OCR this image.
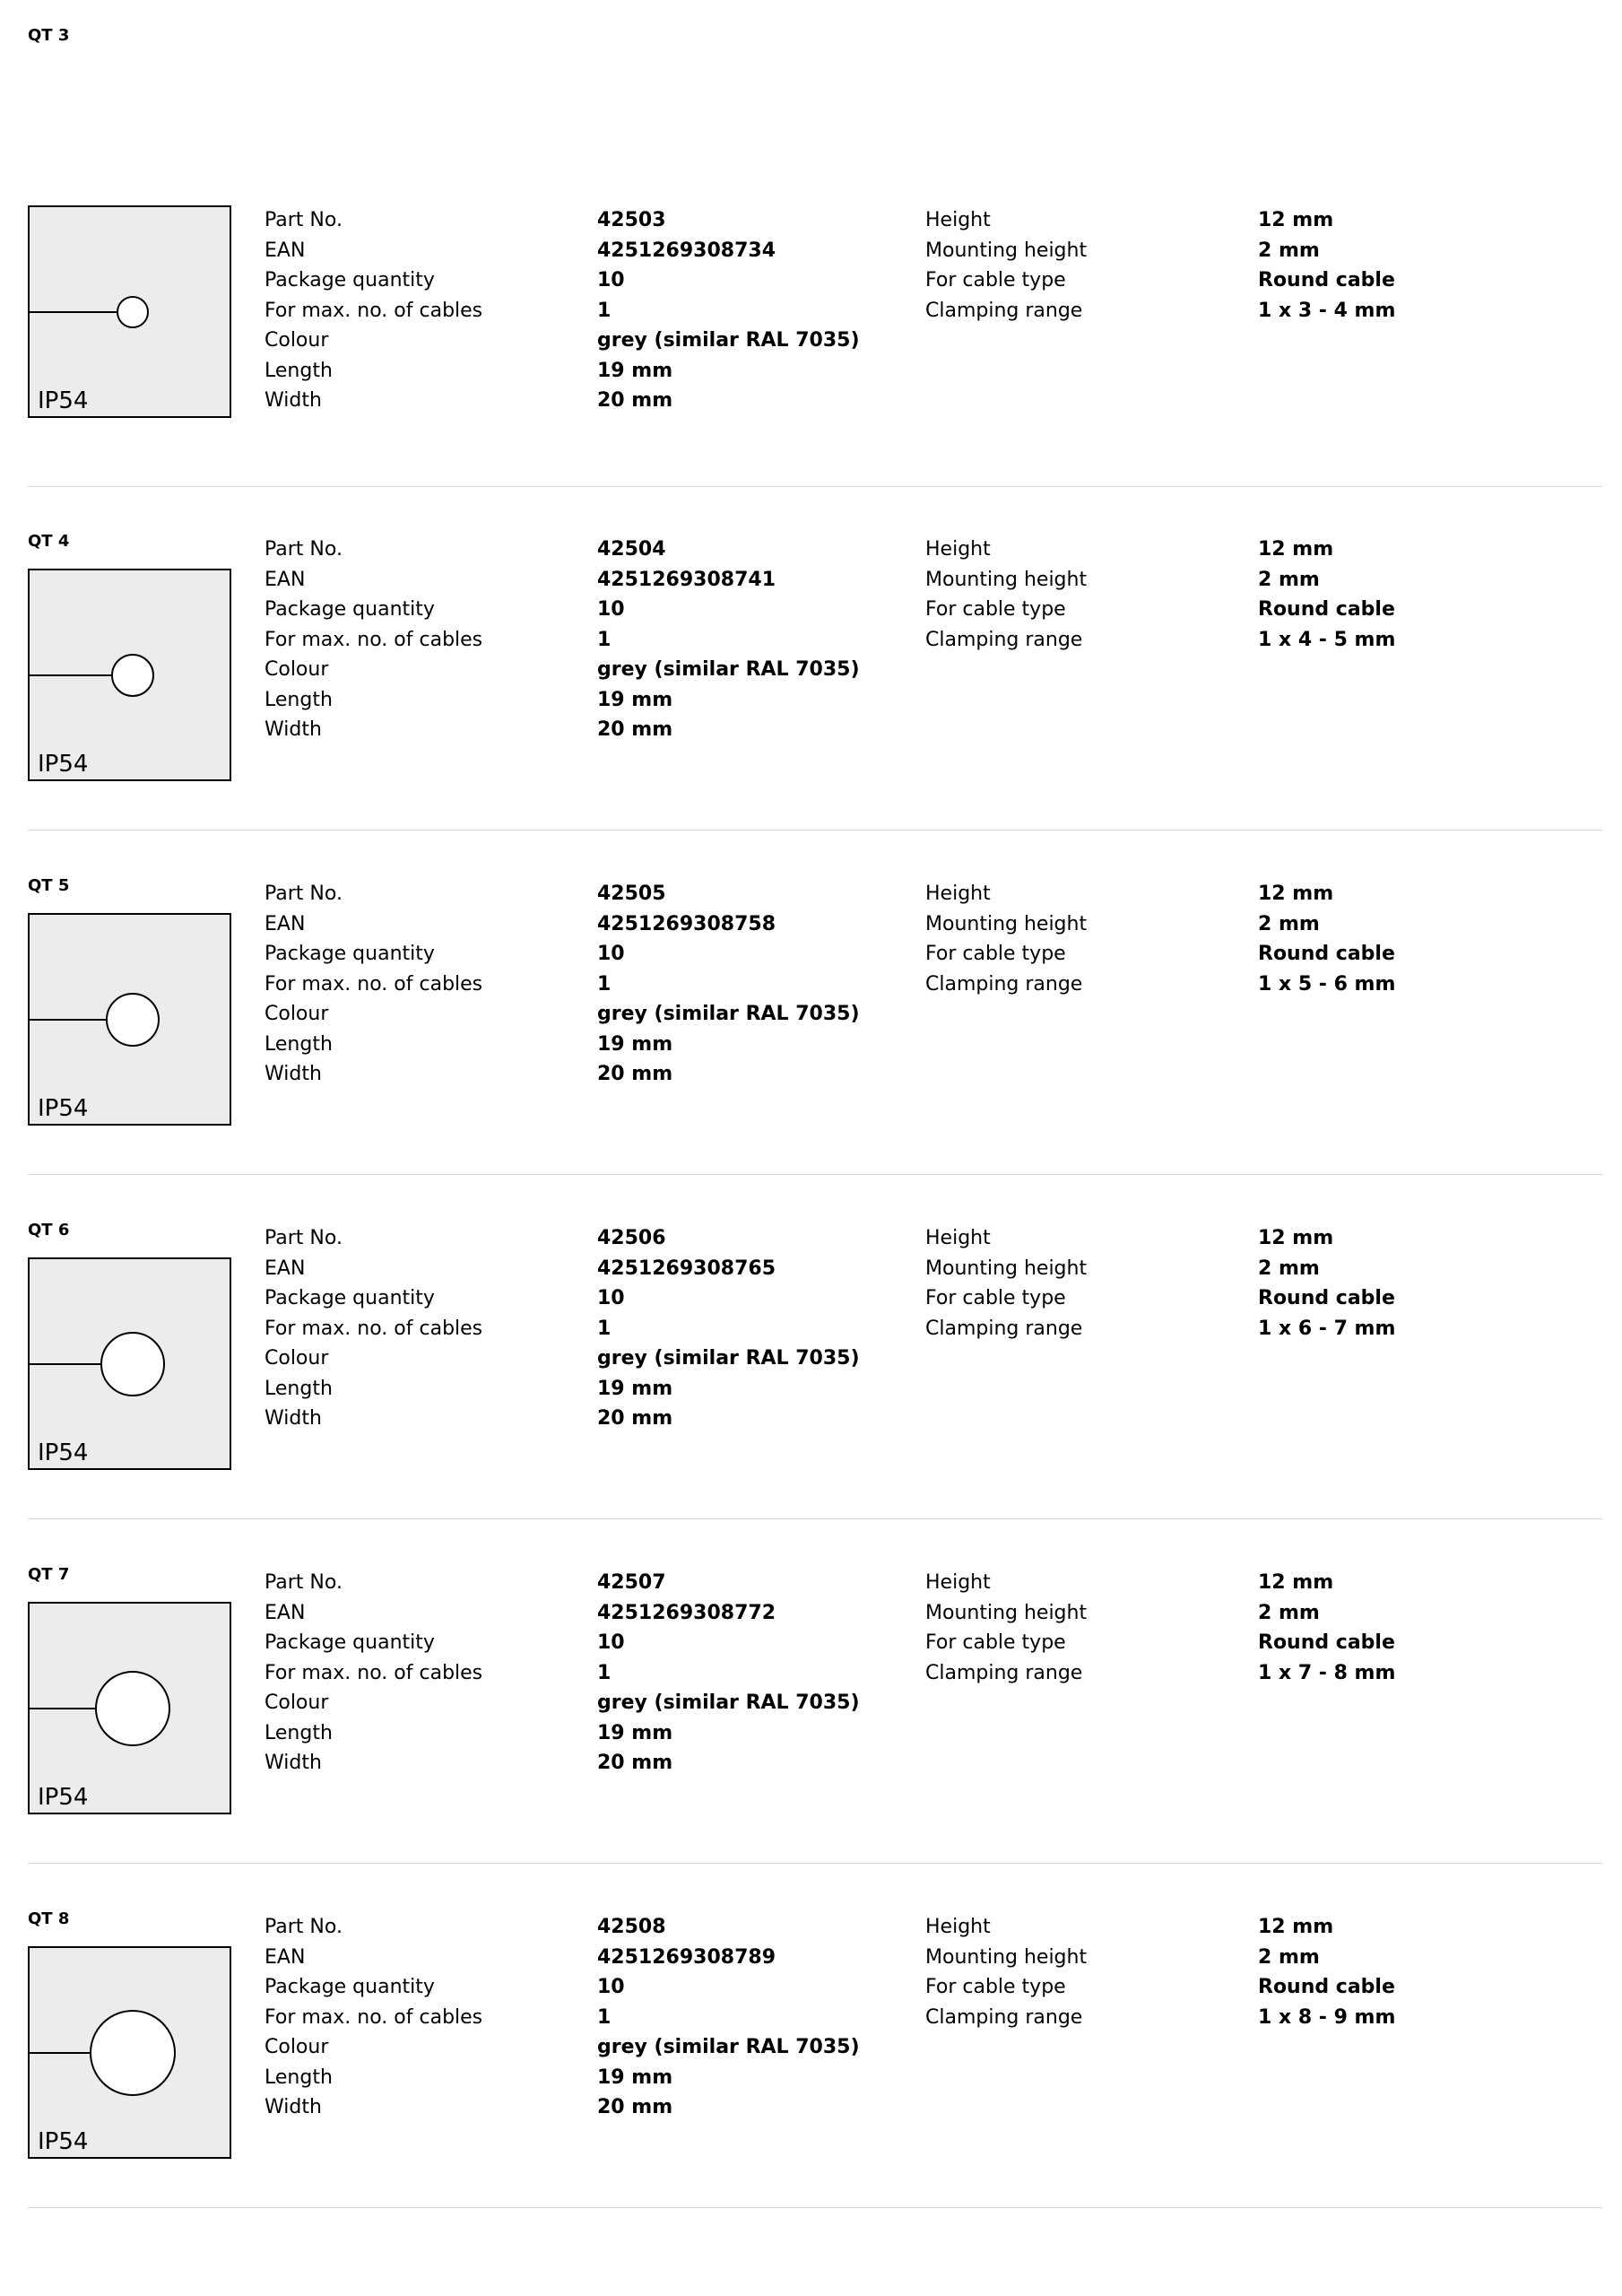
QT 3
IP54
Part No.
EAN
Package quantity
For max. no. of cables
Colour
Length
Width
42503
4251269308734
10
1
grey (similar RAL 7035)
19 mm
20 mm
Height
Mounting height
For cable type
Clamping range
12 mm
2 mm
Round cable
1 x 3 - 4 mm
QT 4
IP54
Part No.
EAN
Package quantity
For max. no. of cables
Colour
Length
Width
42504
4251269308741
10
1
grey (similar RAL 7035)
19 mm
20 mm
Height
Mounting height
For cable type
Clamping range
12 mm
2 mm
Round cable
1 x 4 - 5 mm
QT 5
IP54
Part No.
EAN
Package quantity
For max. no. of cables
Colour
Length
Width
42505
4251269308758
10
1
grey (similar RAL 7035)
19 mm
20 mm
Height
Mounting height
For cable type
Clamping range
12 mm
2 mm
Round cable
1 x 5 - 6 mm
QT 6
IP54
Part No.
EAN
Package quantity
For max. no. of cables
Colour
Length
Width
42506
4251269308765
10
1
grey (similar RAL 7035)
19 mm
20 mm
Height
Mounting height
For cable type
Clamping range
12 mm
2 mm
Round cable
1 x 6 - 7 mm
QT 7
IP54
Part No.
EAN
Package quantity
For max. no. of cables
Colour
Length
Width
42507
4251269308772
10
1
grey (similar RAL 7035)
19 mm
20 mm
Height
Mounting height
For cable type
Clamping range
12 mm
2 mm
Round cable
1 x 7 - 8 mm
QT 8
IP54
Part No.
EAN
Package quantity
For max. no. of cables
Colour
Length
Width
42508
4251269308789
10
1
grey (similar RAL 7035)
19 mm
20 mm
Height
Mounting height
For cable type
Clamping range
12 mm
2 mm
Round cable
1 x 8 - 9 mm
